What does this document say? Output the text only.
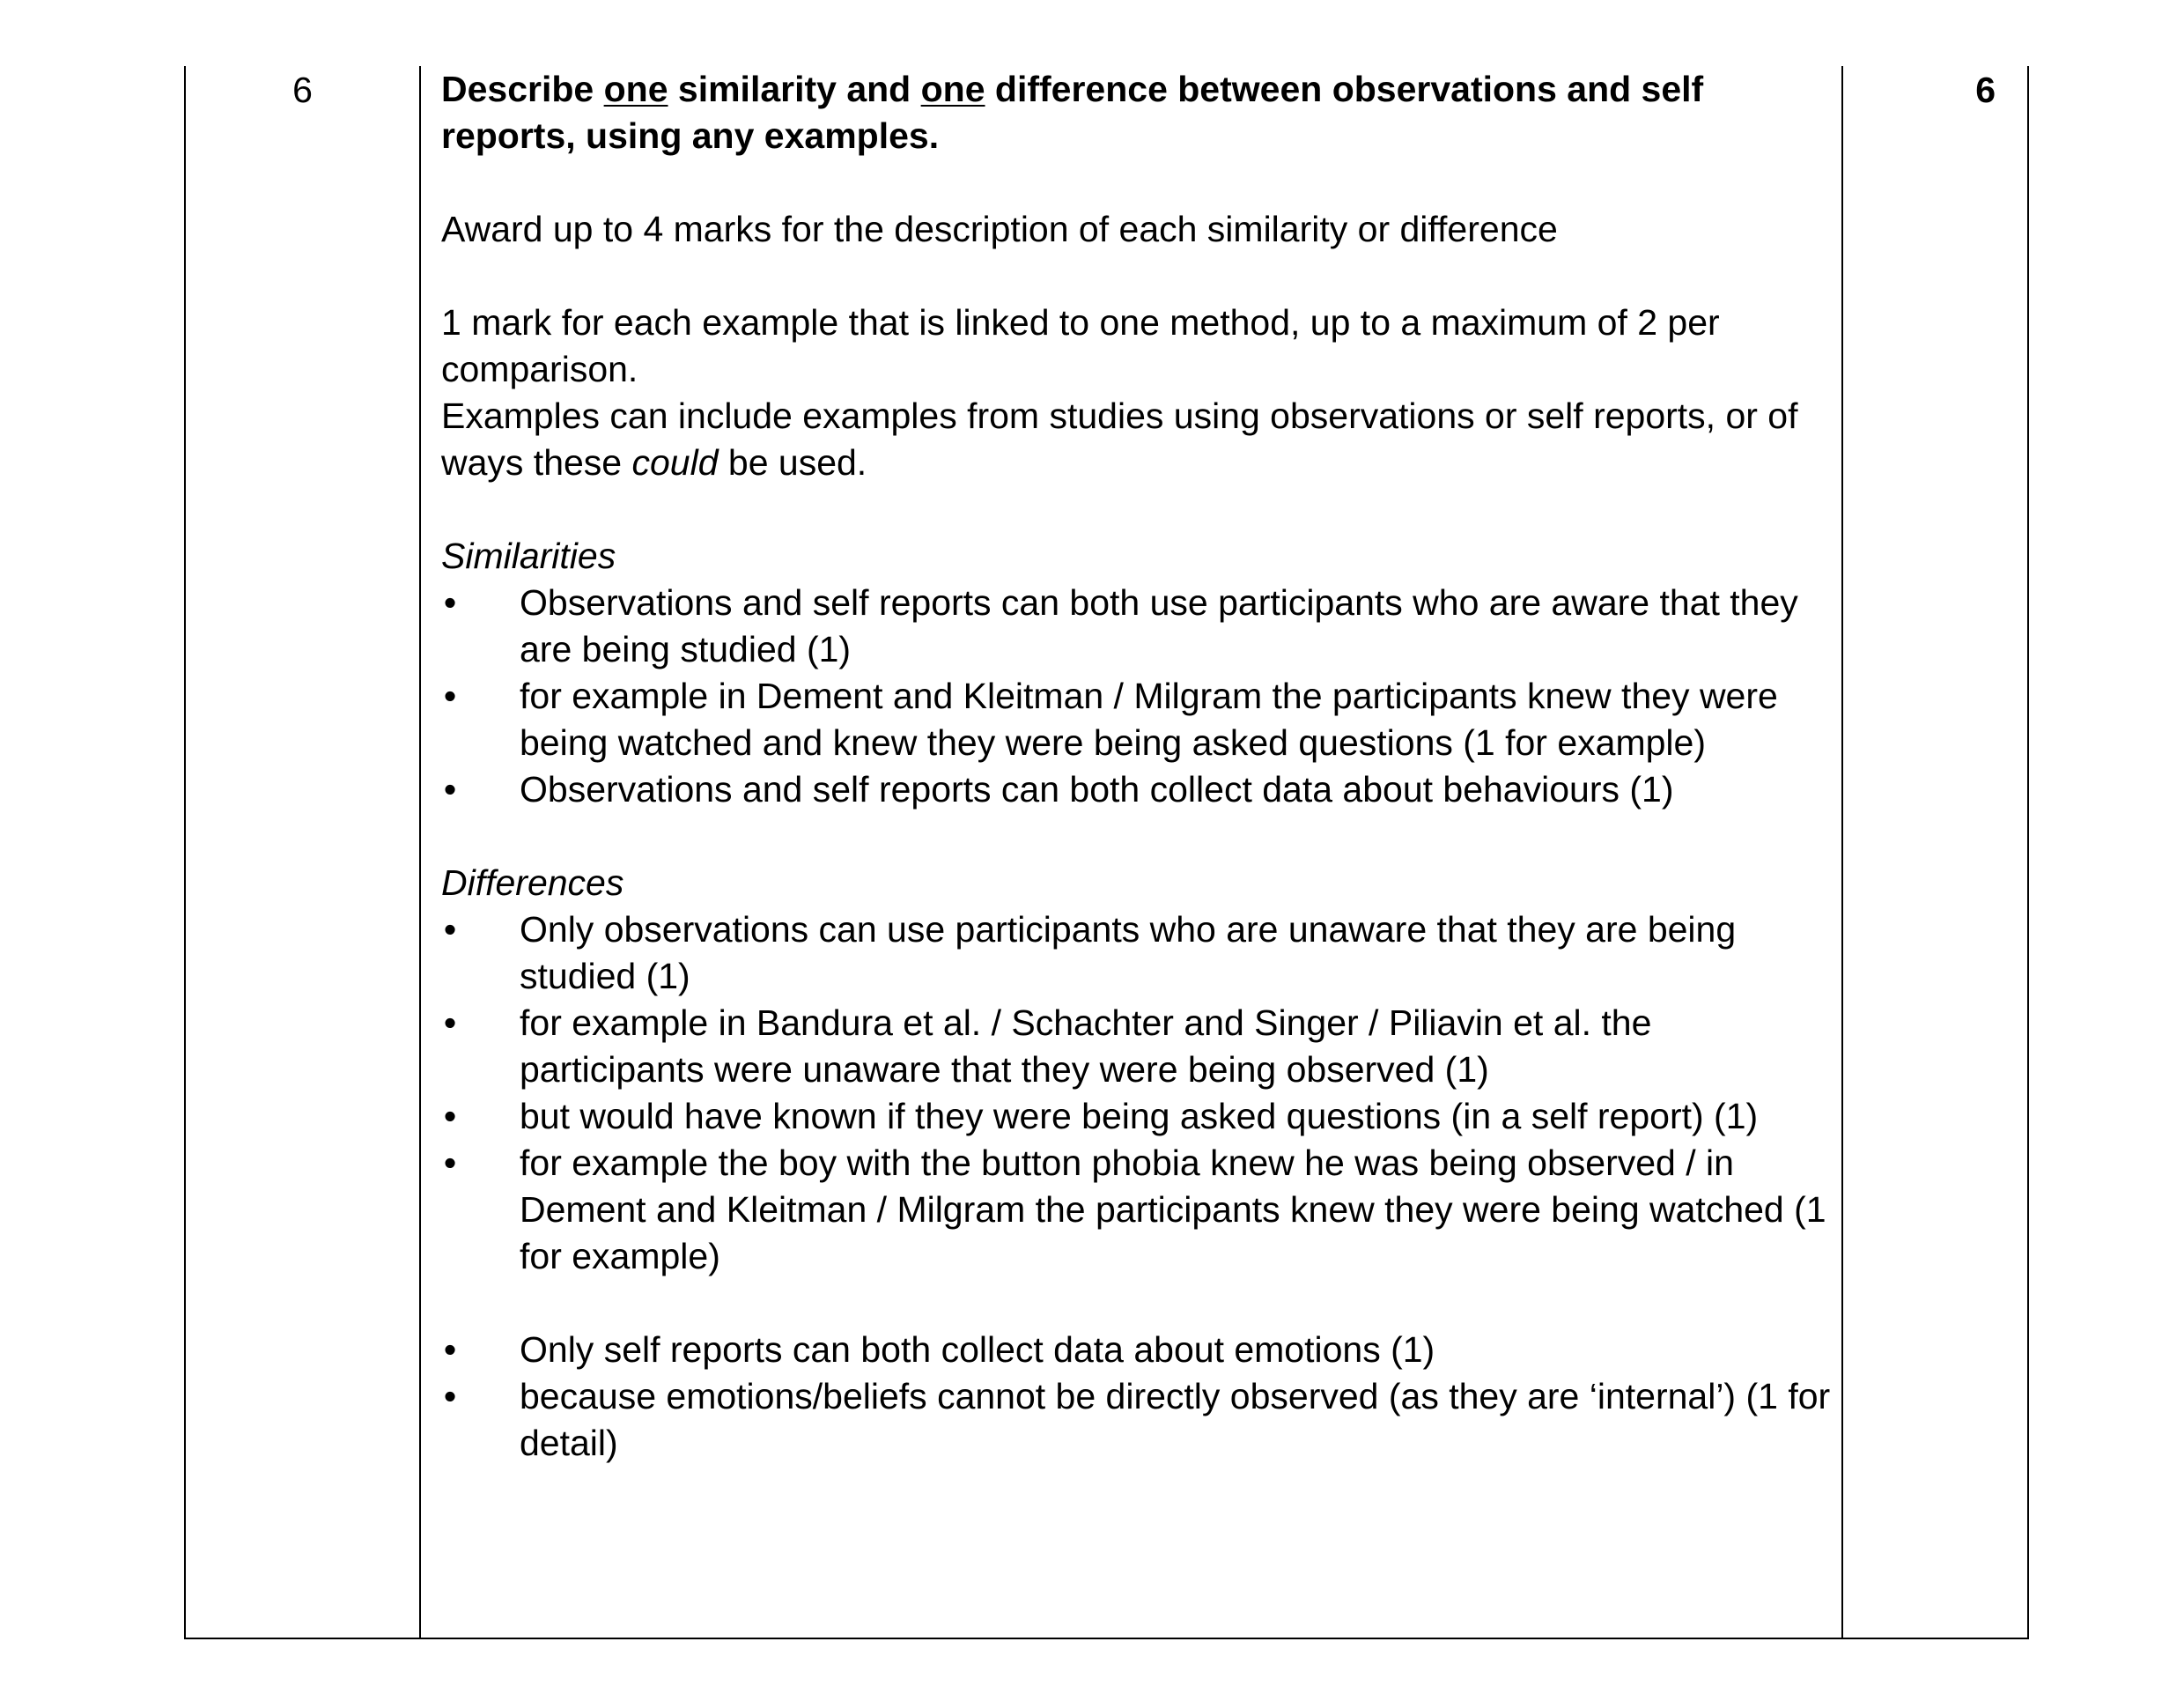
6	Describe one similarity and one difference between observations and self reports, using any examples.

Award up to 4 marks for the description of each similarity or difference

1 mark for each example that is linked to one method, up to a maximum of 2 per comparison.

Examples can include examples from studies using observations or self reports, or of ways these could be used.

Similarities

• Observations and self reports can both use participants who are aware that they are being studied (1)
• for example in Dement and Kleitman / Milgram the participants knew they were being watched and knew they were being asked questions (1 for example)
• Observations and self reports can both collect data about behaviours (1)

Differences

• Only observations can use participants who are unaware that they are being studied (1)
• for example in Bandura et al. / Schachter and Singer / Piliavin et al. the participants were unaware that they were being observed (1)
• but would have known if they were being asked questions (in a self report) (1)
• for example the boy with the button phobia knew he was being observed / in Dement and Kleitman / Milgram the participants knew they were being watched (1 for example)
• Only self reports can both collect data about emotions (1)
• because emotions/beliefs cannot be directly observed (as they are ‘internal’) (1 for detail)
6
